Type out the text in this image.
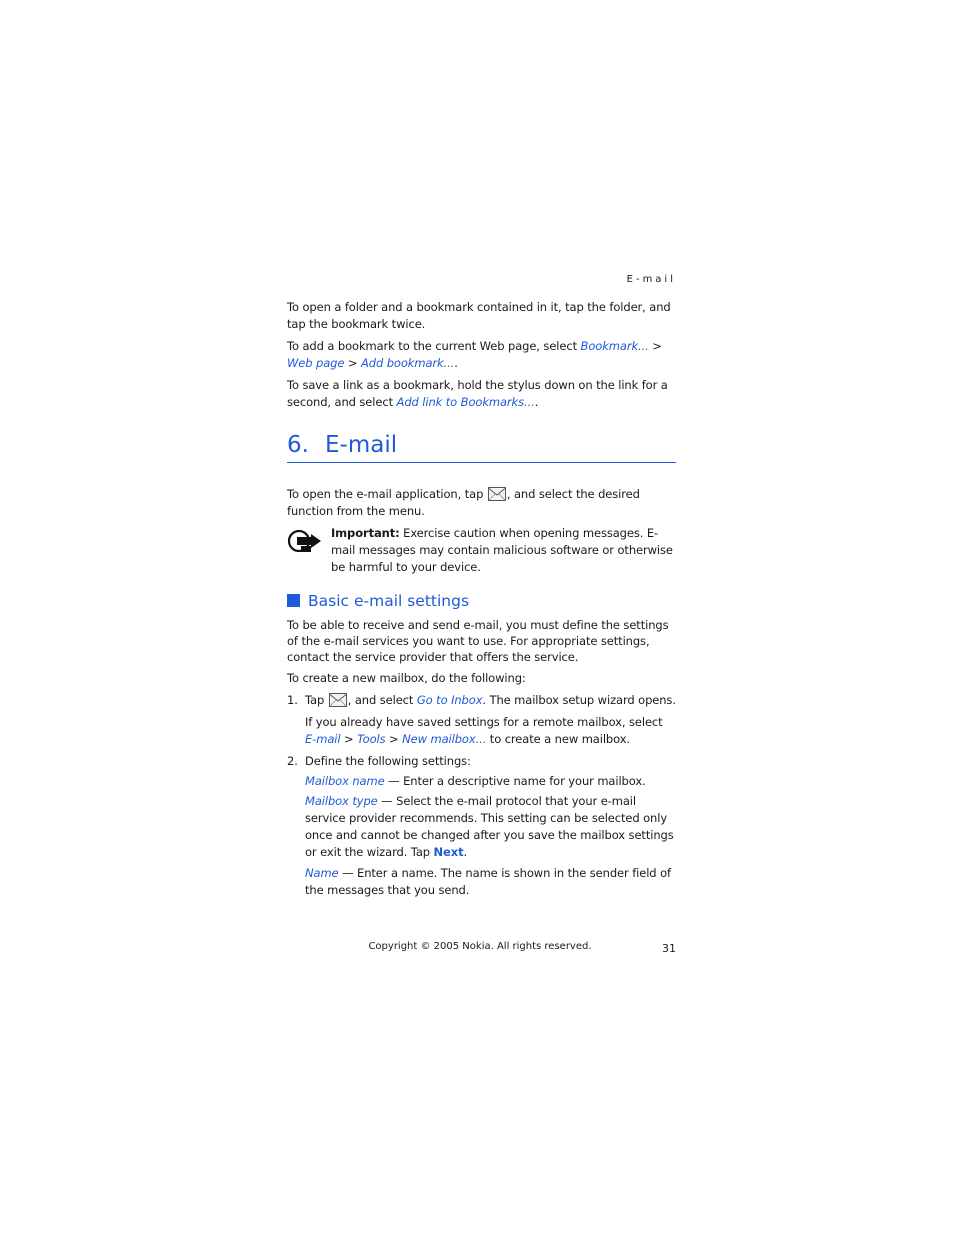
E-mail

To open a folder and a bookmark contained in it, tap the folder, and tap the bookmark twice.

To add a bookmark to the current Web page, select Bookmark... >
Web page > Add bookmark....

To save a link as a bookmark, hold the stylus down on the link for a second, and select Add link to Bookmarks....

6. E-mail

To open the e-mail application, tap , and select the desired function from the menu.

Important: Exercise caution when opening messages. E-mail messages may contain malicious software or otherwise be harmful to your device.

Basic e-mail settings

To be able to receive and send e-mail, you must define the settings of the e-mail services you want to use. For appropriate settings, contact the service provider that offers the service.

To create a new mailbox, do the following:

1. Tap , and select Go to Inbox. The mailbox setup wizard opens.

If you already have saved settings for a remote mailbox, select
E-mail > Tools > New mailbox... to create a new mailbox.

2. Define the following settings:

Mailbox name — Enter a descriptive name for your mailbox.

Mailbox type — Select the e-mail protocol that your e-mail service provider recommends. This setting can be selected only once and cannot be changed after you save the mailbox settings or exit the wizard. Tap Next.

Name — Enter a name. The name is shown in the sender field of the messages that you send.

Copyright © 2005 Nokia. All rights reserved.	31
